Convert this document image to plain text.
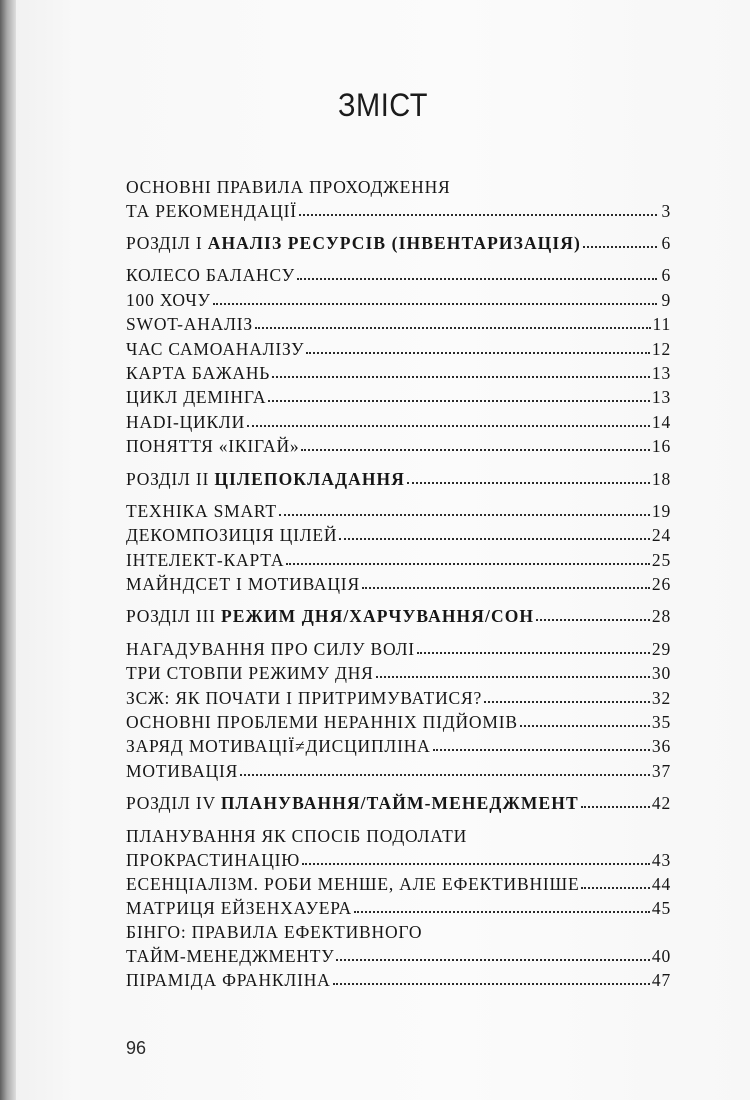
ЗМІСТ
ОСНОВНІ ПРАВИЛА ПРОХОДЖЕННЯ
ТА РЕКОМЕНДАЦІЇ	3
РОЗДІЛ І АНАЛІЗ РЕСУРСІВ (ІНВЕНТАРИЗАЦІЯ)	6
КОЛЕСО БАЛАНСУ	6
100 ХОЧУ	9
SWOT-АНАЛІЗ	11
ЧАС САМОАНАЛІЗУ	12
КАРТА БАЖАНЬ	13
ЦИКЛ ДЕМІНГА	13
HADI-ЦИКЛИ	14
ПОНЯТТЯ «ІКІГАЙ»	16
РОЗДІЛ ІІ ЦІЛЕПОКЛАДАННЯ	18
ТЕХНІКА SMART	19
ДЕКОМПОЗИЦІЯ ЦІЛЕЙ	24
ІНТЕЛЕКТ-КАРТА	25
МАЙНДСЕТ І МОТИВАЦІЯ	26
РОЗДІЛ ІІІ РЕЖИМ ДНЯ/ХАРЧУВАННЯ/СОН	28
НАГАДУВАННЯ ПРО СИЛУ ВОЛІ	29
ТРИ СТОВПИ РЕЖИМУ ДНЯ	30
ЗСЖ: ЯК ПОЧАТИ І ПРИТРИМУВАТИСЯ?	32
ОСНОВНІ ПРОБЛЕМИ НЕРАННІХ ПІДЙОМІВ	35
ЗАРЯД МОТИВАЦІЇ≠ДИСЦИПЛІНА	36
МОТИВАЦІЯ	37
РОЗДІЛ IV ПЛАНУВАННЯ/ТАЙМ-МЕНЕДЖМЕНТ	42
ПЛАНУВАННЯ ЯК СПОСІБ ПОДОЛАТИ
ПРОКРАСТИНАЦІЮ	43
ЕСЕНЦІАЛІЗМ. РОБИ МЕНШЕ, АЛЕ ЕФЕКТИВНІШЕ	44
МАТРИЦЯ ЕЙЗЕНХАУЕРА	45
БІНГО: ПРАВИЛА ЕФЕКТИВНОГО
ТАЙМ-МЕНЕДЖМЕНТУ	40
ПІРАМІДА ФРАНКЛІНА	47
96
